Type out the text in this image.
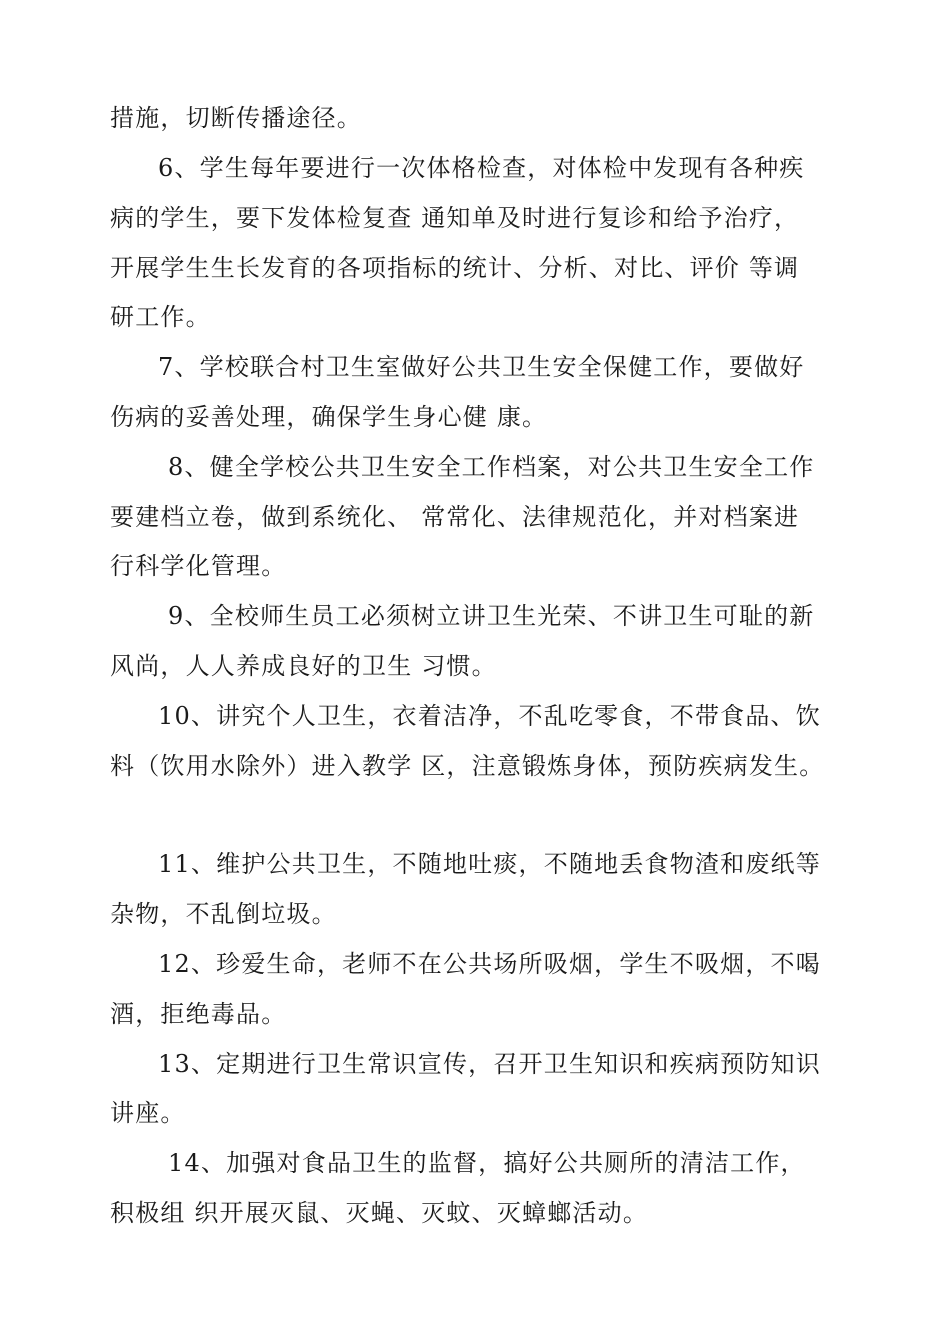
措施，切断传播途径。
6、学生每年要进行一次体格检查，对体检中发现有各种疾
病的学生，要下发体检复查 通知单及时进行复诊和给予治疗，
开展学生生长发育的各项指标的统计、分析、对比、评价 等调
研工作。
7、学校联合村卫生室做好公共卫生安全保健工作，要做好
伤病的妥善处理，确保学生身心健 康。
8、健全学校公共卫生安全工作档案，对公共卫生安全工作
要建档立卷，做到系统化、 常常化、法律规范化，并对档案进
行科学化管理。
9、全校师生员工必须树立讲卫生光荣、不讲卫生可耻的新
风尚，人人养成良好的卫生 习惯。
10、讲究个人卫生，衣着洁净，不乱吃零食，不带食品、饮
料（饮用水除外）进入教学 区，注意锻炼身体，预防疾病发生。
11、维护公共卫生，不随地吐痰，不随地丢食物渣和废纸等
杂物，不乱倒垃圾。
12、珍爱生命，老师不在公共场所吸烟，学生不吸烟，不喝
酒，拒绝毒品。
13、定期进行卫生常识宣传，召开卫生知识和疾病预防知识
讲座。
14、加强对食品卫生的监督，搞好公共厕所的清洁工作，
积极组 织开展灭鼠、灭蝇、灭蚊、灭蟑螂活动。
